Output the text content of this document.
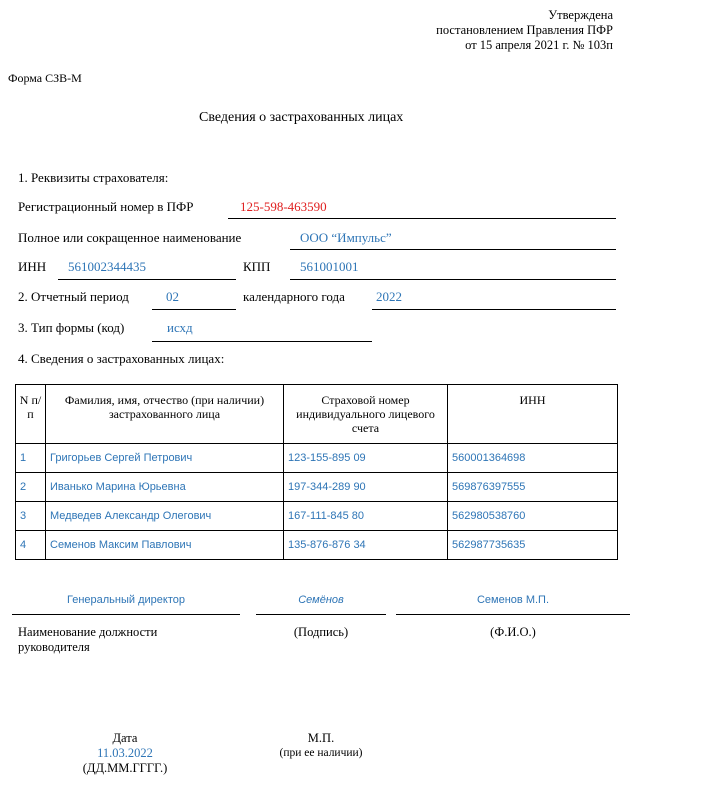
Утверждена
постановлением Правления ПФР
от 15 апреля 2021 г. № 103п
Форма СЗВ-М
Сведения о застрахованных лицах
1. Реквизиты страхователя:
Регистрационный номер в ПФР	125-598-463590
Полное или сокращенное наименование	ООО “Импульс”
ИНН 561002344435	КПП 561001001
2. Отчетный период	02	календарного года 2022
3. Тип формы (код)	исхд
4. Сведения о застрахованных лицах:
N п/п	Фамилия, имя, отчество (при наличии) застрахованного лица	Страховой номер индивидуального лицевого счета	ИНН
1	Григорьев Сергей Петрович	123-155-895 09	560001364698
2	Иванько Марина Юрьевна	197-344-289 90	569876397555
3	Медведев Александр Олегович	167-111-845 80	562980538760
4	Семенов Максим Павлович	135-876-876 34	562987735635
Генеральный директор	Семёнов	Семенов М.П.
Наименование должности
руководителя
(Подпись)	(Ф.И.О.)
Дата
11.03.2022
(ДД.ММ.ГГГГ.)
М.П.
(при ее наличии)
